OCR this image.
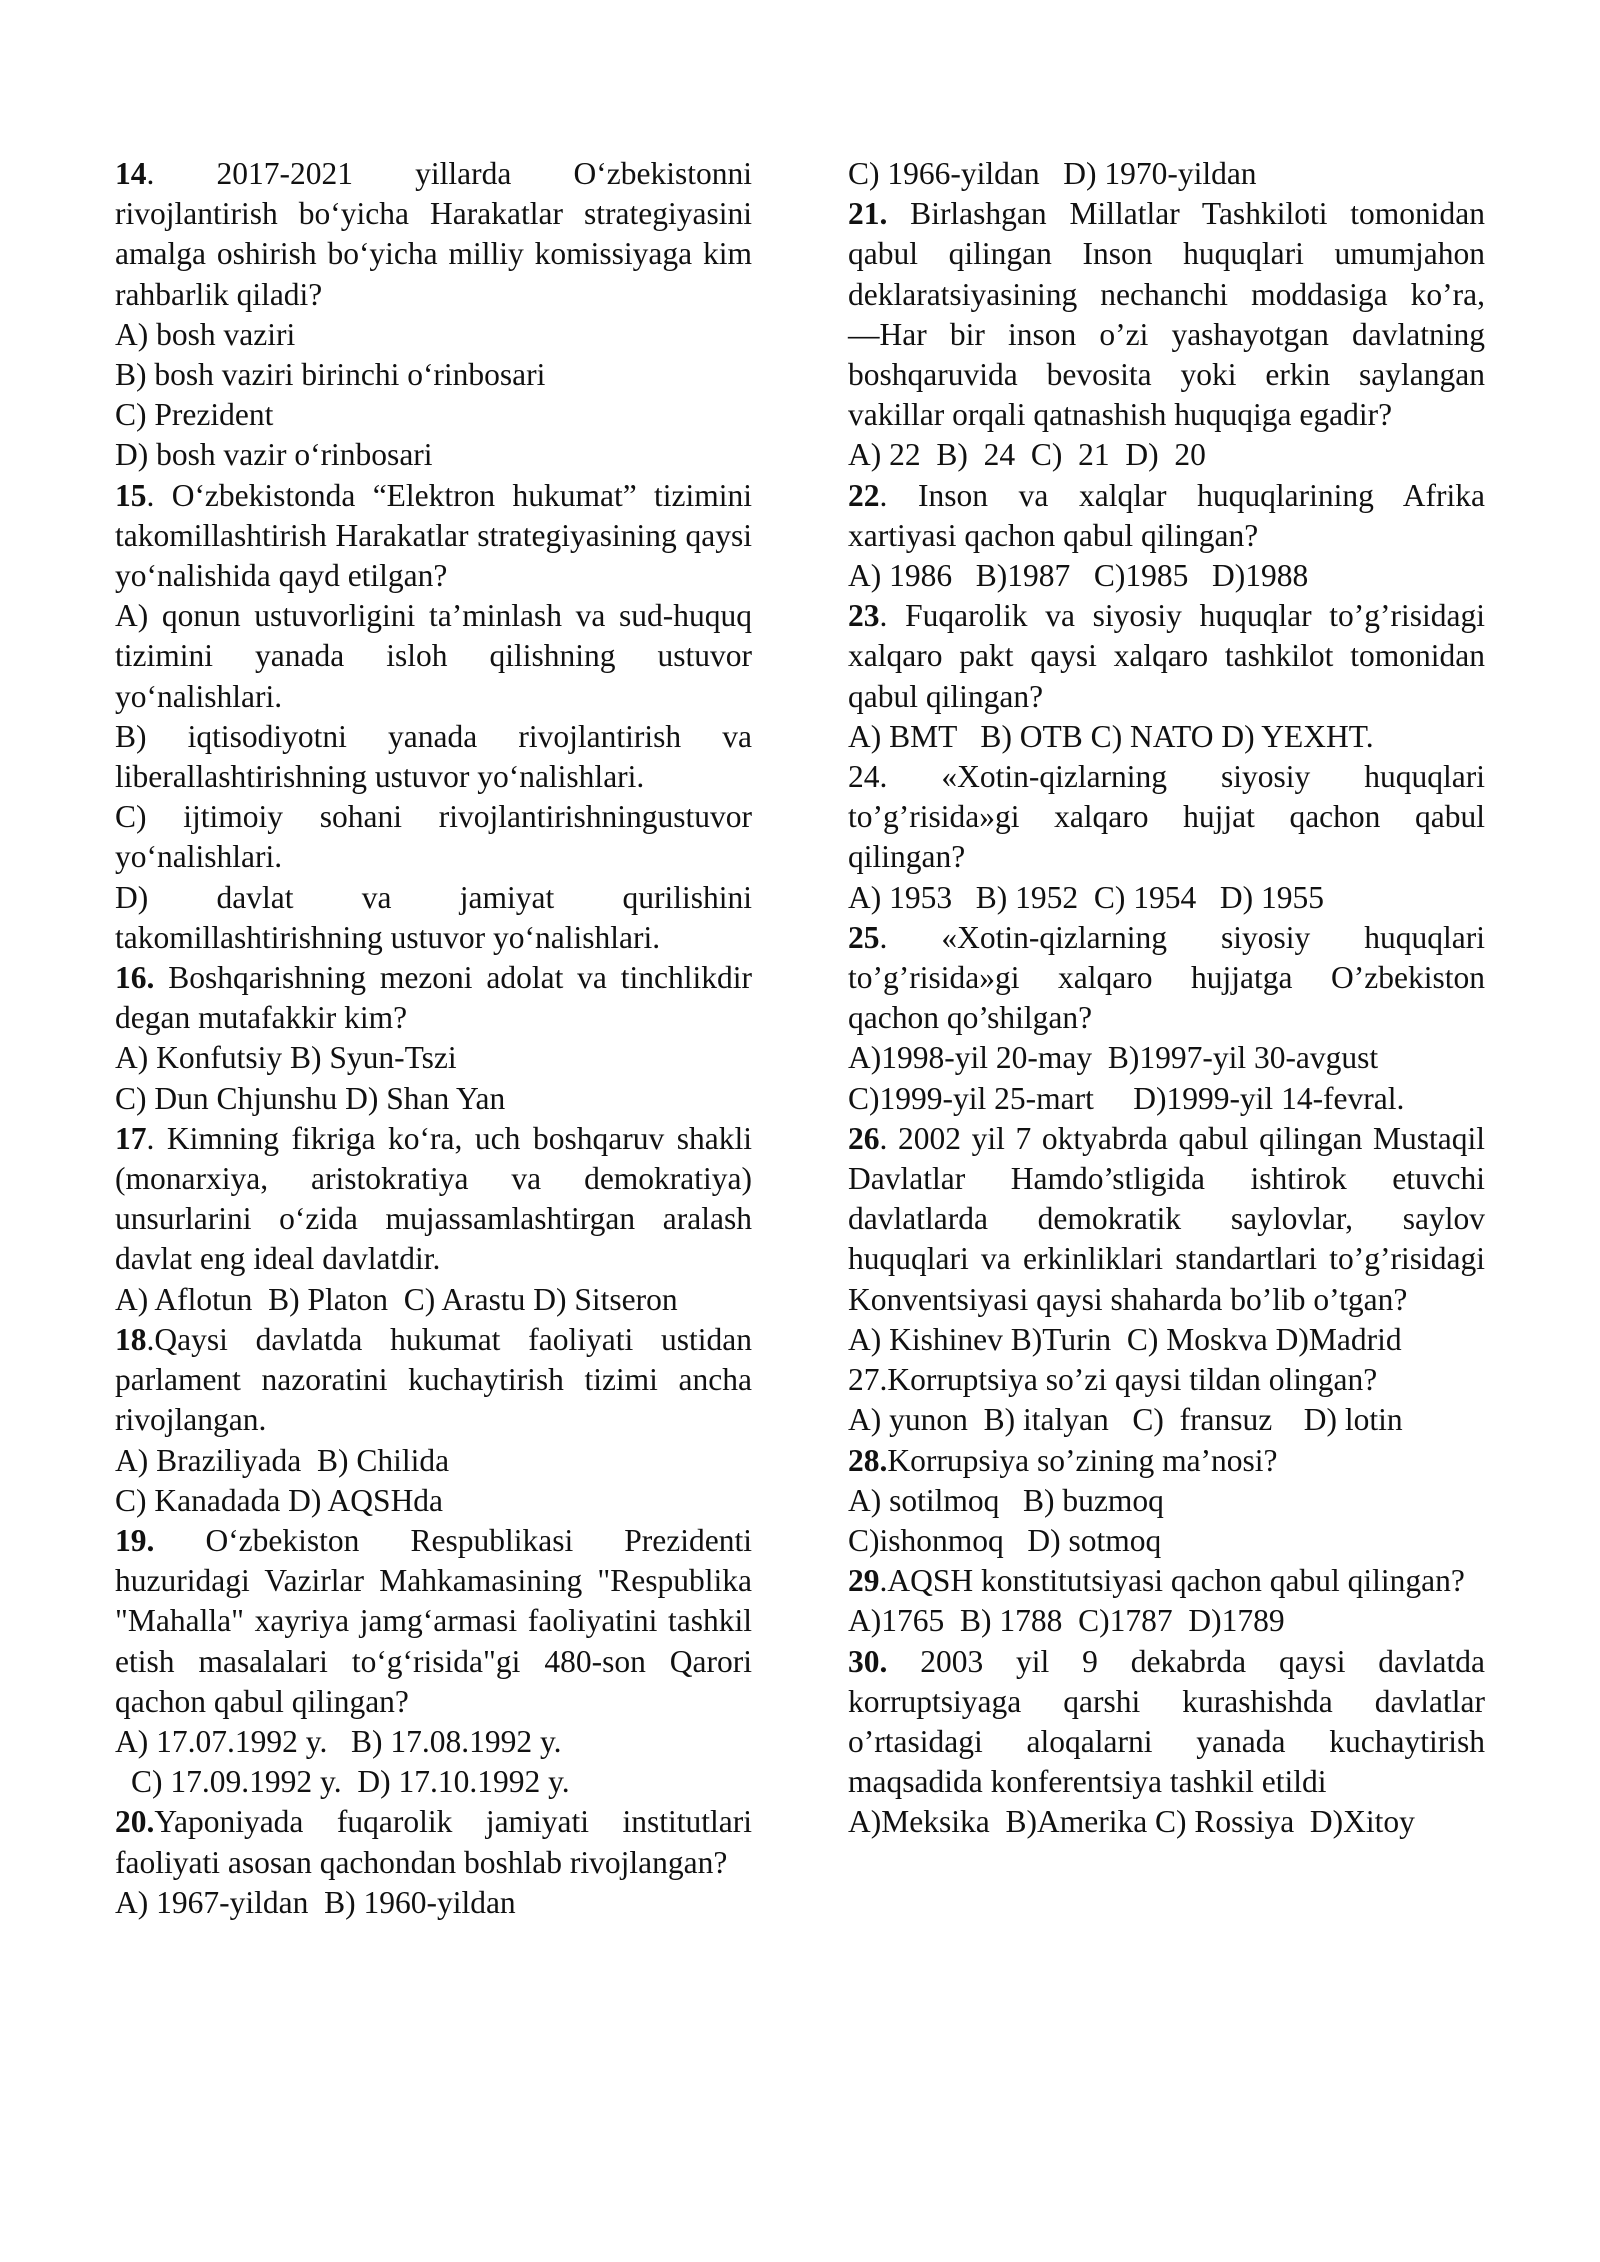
14. 2017-2021 yillarda O‘zbekistonni rivojlantirish bo‘yicha Harakatlar strategiyasini amalga oshirish bo‘yicha milliy komissiyaga kim rahbarlik qiladi?

A) bosh vaziri

B) bosh vaziri birinchi o‘rinbosari

C) Prezident

D) bosh vazir o‘rinbosari

15. O‘zbekistonda “Elektron hukumat” tizimini takomillashtirish Harakatlar strategiyasining qaysi yo‘nalishida qayd etilgan?

A) qonun ustuvorligini ta’minlash va sud-huquq tizimini yanada isloh qilishning ustuvor yo‘nalishlari.

B) iqtisodiyotni yanada rivojlantirish va liberallashtirishning ustuvor yo‘nalishlari.

C) ijtimoiy sohani rivojlantirishningustuvor yo‘nalishlari.

D) davlat va jamiyat qurilishini takomillashtirishning ustuvor yo‘nalishlari.

16. Boshqarishning mezoni adolat va tinchlikdir degan mutafakkir kim?

A) Konfutsiy B) Syun-Tszi

C) Dun Chjunshu D) Shan Yan

17. Kimning fikriga ko‘ra, uch boshqaruv shakli (monarxiya, aristokratiya va demokratiya) unsurlarini o‘zida mujassamlashtirgan aralash davlat eng ideal davlatdir.

A) Aflotun  B) Platon  C) Arastu D) Sitseron

18.Qaysi davlatda hukumat faoliyati ustidan parlament nazoratini kuchaytirish tizimi ancha rivojlangan.

A) Braziliyada  B) Chilida

C) Kanadada D) AQSHda

19. O‘zbekiston Respublikasi Prezidenti huzuridagi Vazirlar Mahkamasining "Respublika "Mahalla" xayriya jamg‘armasi faoliyatini tashkil etish masalalari to‘g‘risida"gi 480-son Qarori qachon qabul qilingan?

A) 17.07.1992 y.   B) 17.08.1992 y.

C) 17.09.1992 y.  D) 17.10.1992 y.

20.Yaponiyada fuqarolik jamiyati institutlari faoliyati asosan qachondan boshlab rivojlangan?

A) 1967-yildan  B) 1960-yildan

C) 1966-yildan   D) 1970-yildan

21. Birlashgan Millatlar Tashkiloti tomonidan qabul qilingan Inson huquqlari umumjahon deklaratsiyasining nechanchi moddasiga ko’ra, ―Har bir inson o’zi yashayotgan davlatning boshqaruvida bevosita yoki erkin saylangan vakillar orqali qatnashish huquqiga egadir?

A) 22  B)  24  C)  21  D)  20

22. Inson va xalqlar huquqlarining Afrika xartiyasi qachon qabul qilingan?

A) 1986   B)1987   C)1985   D)1988

23. Fuqarolik va siyosiy huquqlar to’g’risidagi xalqaro pakt qaysi xalqaro tashkilot tomonidan qabul qilingan?

A) BMT   B) OTB C) NATO D) YEXHT.

24. «Xotin-qizlarning siyosiy huquqlari to’g’risida»gi xalqaro hujjat qachon qabul qilingan?

A) 1953   B) 1952  C) 1954   D) 1955

25. «Xotin-qizlarning siyosiy huquqlari to’g’risida»gi xalqaro hujjatga O’zbekiston qachon qo’shilgan?

A)1998-yil 20-may  B)1997-yil 30-avgust

C)1999-yil 25-mart     D)1999-yil 14-fevral.

26. 2002 yil 7 oktyabrda qabul qilingan Mustaqil Davlatlar Hamdo’stligida ishtirok etuvchi davlatlarda demokratik saylovlar, saylov huquqlari va erkinliklari standartlari to’g’risidagi Konventsiyasi qaysi shaharda bo’lib o’tgan?

A) Kishinev B)Turin  C) Moskva D)Madrid

27.Korruptsiya so’zi qaysi tildan olingan?

A) yunon  B) italyan   C)  fransuz    D) lotin

28.Korrupsiya so’zining ma’nosi?

A) sotilmoq   B) buzmoq

C)ishonmoq   D) sotmoq

29.AQSH konstitutsiyasi qachon qabul qilingan?

A)1765  B) 1788  C)1787  D)1789

30. 2003 yil 9 dekabrda qaysi davlatda korruptsiyaga qarshi kurashishda davlatlar o’rtasidagi aloqalarni yanada kuchaytirish maqsadida konferentsiya tashkil etildi

A)Meksika  B)Amerika C) Rossiya  D)Xitoy
